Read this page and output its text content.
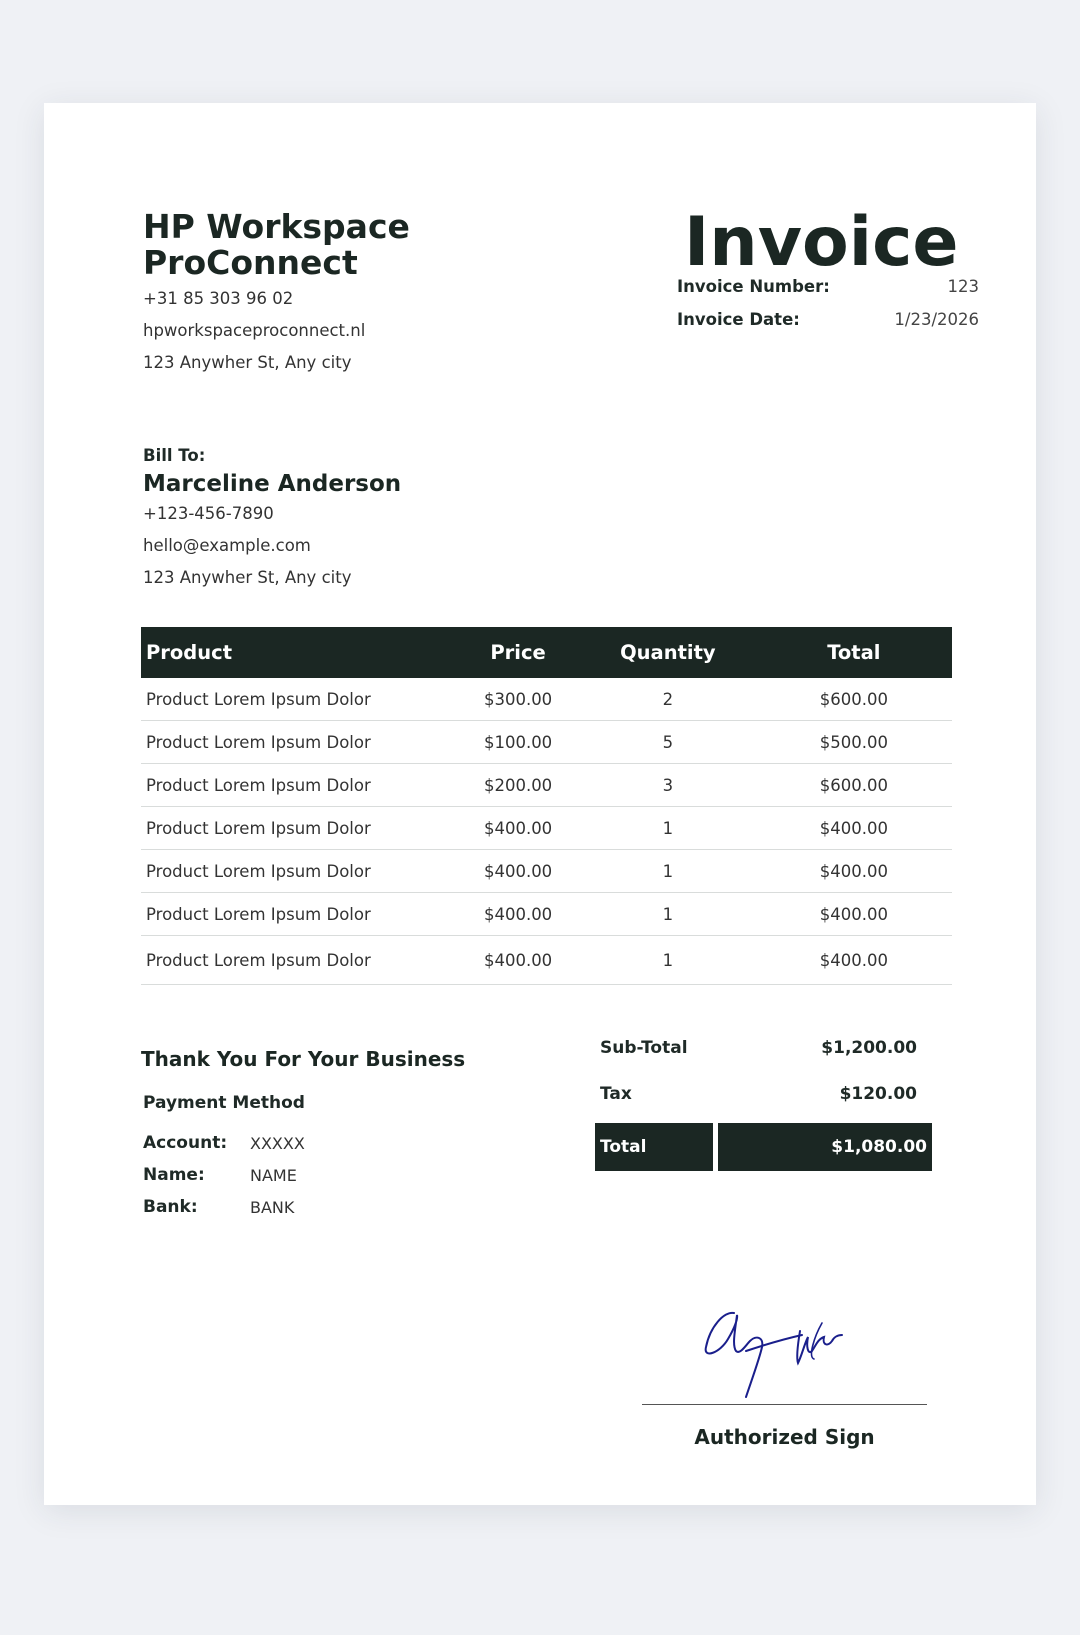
HP Workspace ProConnect
+31 85 303 96 02
hpworkspaceproconnect.nl
123 Anywher St, Any city
Invoice
Invoice Number:	123
Invoice Date:	1/23/2026
Bill To:
Marceline Anderson
+123-456-7890
hello@example.com
123 Anywher St, Any city
Product	Price	Quantity	Total
Product Lorem Ipsum Dolor	$300.00	2	$600.00
Product Lorem Ipsum Dolor	$100.00	5	$500.00
Product Lorem Ipsum Dolor	$200.00	3	$600.00
Product Lorem Ipsum Dolor	$400.00	1	$400.00
Product Lorem Ipsum Dolor	$400.00	1	$400.00
Product Lorem Ipsum Dolor	$400.00	1	$400.00
Product Lorem Ipsum Dolor	$400.00	1	$400.00
Thank You For Your Business
Payment Method
Account: XXXXX
Name:	NAME
Bank:	BANK
Sub-Total	$1,200.00
Tax	$120.00
Total	$1,080.00
Authorized Sign
